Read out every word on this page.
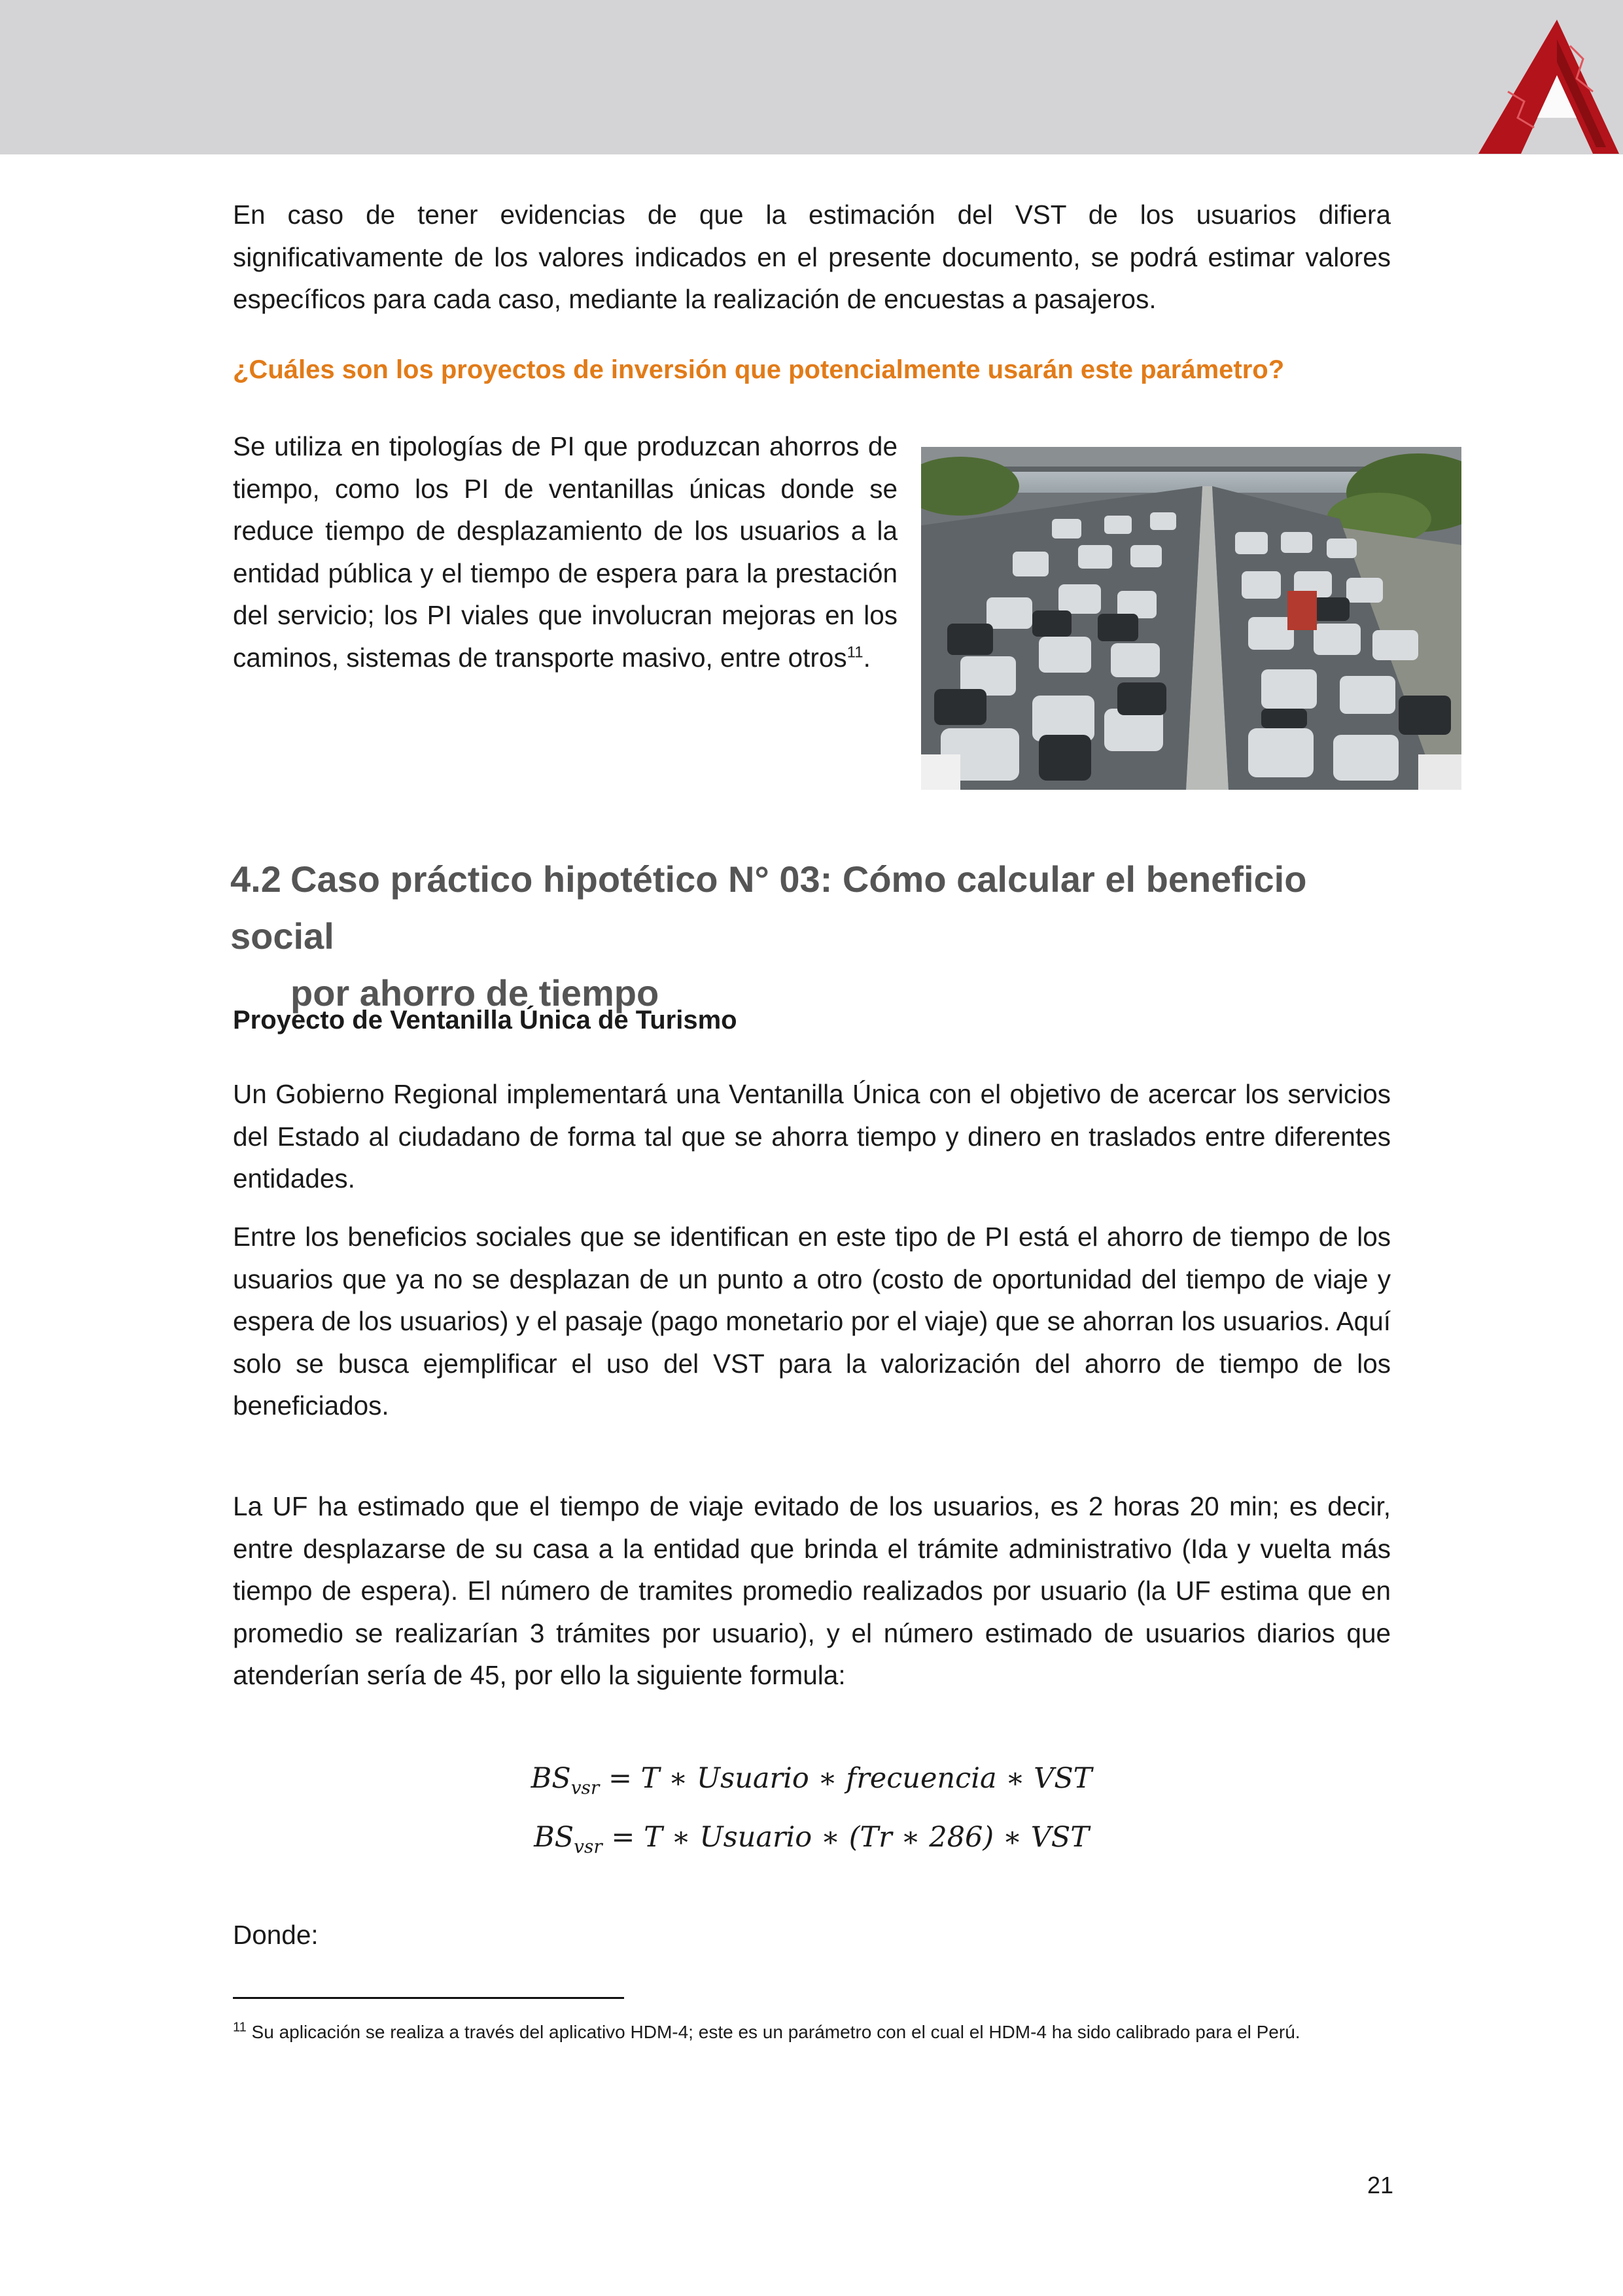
En caso de tener evidencias de que la estimación del VST de los usuarios difiera significativamente de los valores indicados en el presente documento, se podrá estimar valores específicos para cada caso, mediante la realización de encuestas a pasajeros.

¿Cuáles son los proyectos de inversión que potencialmente usarán este parámetro?

Se utiliza en tipologías de PI que produzcan ahorros de tiempo, como los PI de ventanillas únicas donde se reduce tiempo de desplazamiento de los usuarios a la entidad pública y el tiempo de espera para la prestación del servicio; los PI viales que involucran mejoras en los caminos, sistemas de transporte masivo, entre otros$^{11}$.

4.2 Caso práctico hipotético N° 03: Cómo calcular el beneficio social
por ahorro de tiempo
Proyecto de Ventanilla Única de Turismo

Un Gobierno Regional implementará una Ventanilla Única con el objetivo de acercar los servicios del Estado al ciudadano de forma tal que se ahorra tiempo y dinero en traslados entre diferentes entidades.

Entre los beneficios sociales que se identifican en este tipo de PI está el ahorro de tiempo de los usuarios que ya no se desplazan de un punto a otro (costo de oportunidad del tiempo de viaje y espera de los usuarios) y el pasaje (pago monetario por el viaje) que se ahorran los usuarios. Aquí solo se busca ejemplificar el uso del VST para la valorización del ahorro de tiempo de los beneficiados.

La UF ha estimado que el tiempo de viaje evitado de los usuarios, es 2 horas 20 min; es decir, entre desplazarse de su casa a la entidad que brinda el trámite administrativo (Ida y vuelta más tiempo de espera). El número de tramites promedio realizados por usuario (la UF estima que en promedio se realizarían 3 trámites por usuario), y el número estimado de usuarios diarios que atenderían sería de 45, por ello la siguiente formula:

$BS_{vsr} = T$ ∗ Usuario ∗ frecuencia ∗ VST
$BS_{vsr} = T$ ∗ Usuario ∗ (Tr ∗ 286) ∗ VST

Donde:

$^{11}$ Su aplicación se realiza a través del aplicativo HDM-4; este es un parámetro con el cual el HDM-4 ha sido calibrado para el Perú.
21
